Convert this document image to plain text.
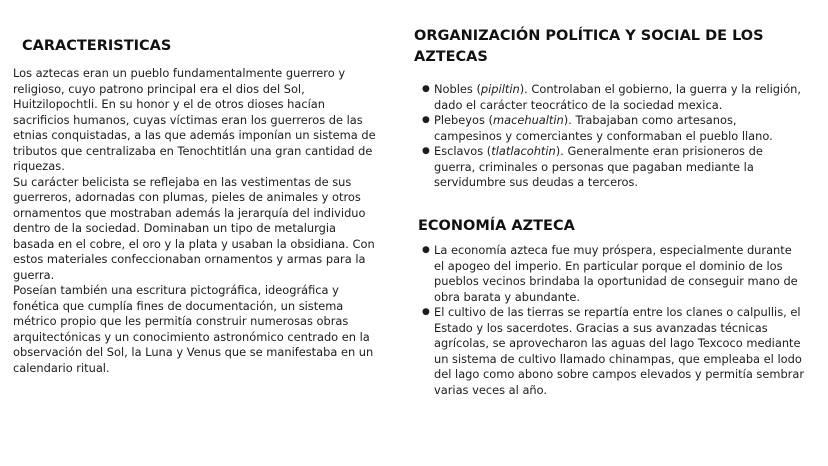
CARACTERISTICAS
Los aztecas eran un pueblo fundamentalmente guerrero y
religioso, cuyo patrono principal era el dios del Sol,
Huitzilopochtli. En su honor y el de otros dioses hacían
sacrificios humanos, cuyas víctimas eran los guerreros de las
etnias conquistadas, a las que además imponían un sistema de
tributos que centralizaba en Tenochtitlán una gran cantidad de
riquezas.
Su carácter belicista se reflejaba en las vestimentas de sus
guerreros, adornadas con plumas, pieles de animales y otros
ornamentos que mostraban además la jerarquía del individuo
dentro de la sociedad. Dominaban un tipo de metalurgia
basada en el cobre, el oro y la plata y usaban la obsidiana. Con
estos materiales confeccionaban ornamentos y armas para la
guerra.
Poseían también una escritura pictográfica, ideográfica y
fonética que cumplía fines de documentación, un sistema
métrico propio que les permitía construir numerosas obras
arquitectónicas y un conocimiento astronómico centrado en la
observación del Sol, la Luna y Venus que se manifestaba en un
calendario ritual.
ORGANIZACIÓN POLÍTICA Y SOCIAL DE LOS
AZTECAS
● Nobles (pipiltin). Controlaban el gobierno, la guerra y la religión,
dado el carácter teocrático de la sociedad mexica.
● Plebeyos (macehualtin). Trabajaban como artesanos,
campesinos y comerciantes y conformaban el pueblo llano.
● Esclavos (tlatlacohtin). Generalmente eran prisioneros de
guerra, criminales o personas que pagaban mediante la
servidumbre sus deudas a terceros.
ECONOMÍA AZTECA
● La economía azteca fue muy próspera, especialmente durante
el apogeo del imperio. En particular porque el dominio de los
pueblos vecinos brindaba la oportunidad de conseguir mano de
obra barata y abundante.
● El cultivo de las tierras se repartía entre los clanes o calpullis, el
Estado y los sacerdotes. Gracias a sus avanzadas técnicas
agrícolas, se aprovecharon las aguas del lago Texcoco mediante
un sistema de cultivo llamado chinampas, que empleaba el lodo
del lago como abono sobre campos elevados y permitía sembrar
varias veces al año.
